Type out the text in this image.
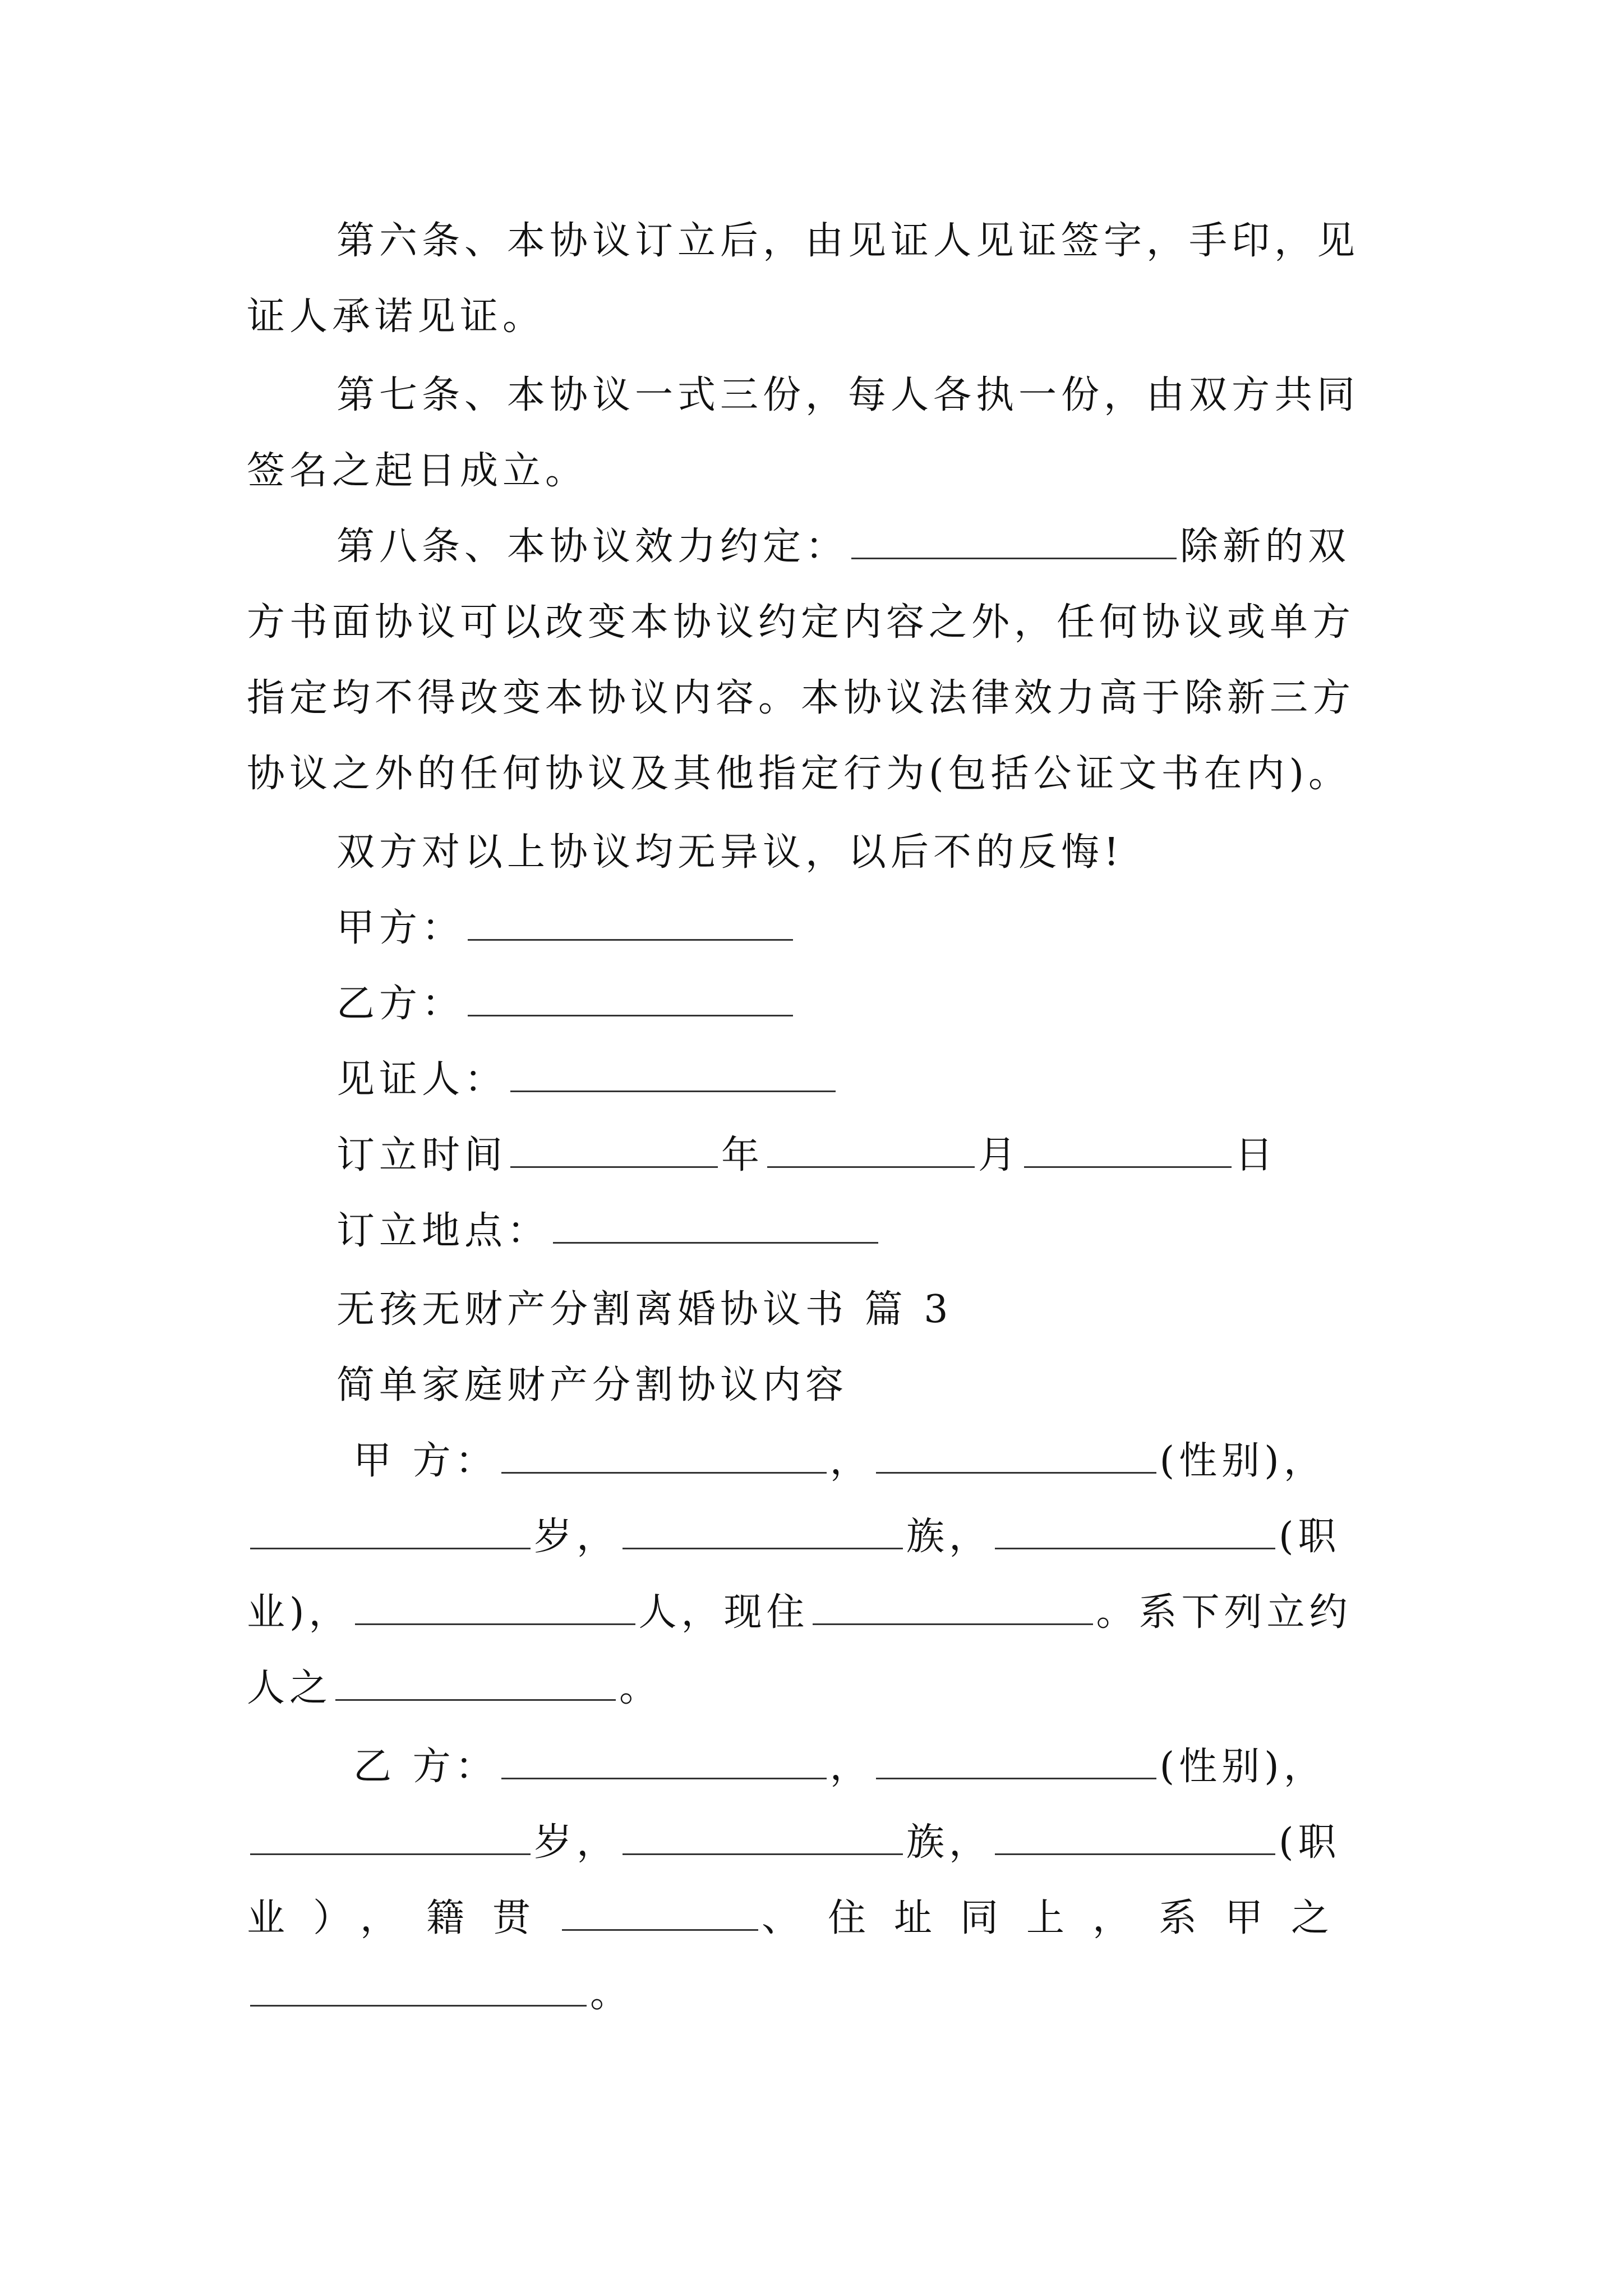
第六条、本协议订立后，由见证人见证签字，手印，见
证人承诺见证。
第七条、本协议一式三份，每人各执一份，由双方共同
签名之起日成立。
第八条、本协议效力约定：	除新的双
方书面协议可以改变本协议约定内容之外，任何协议或单方
指定均不得改变本协议内容。本协议法律效力高于除新三方
协议之外的任何协议及其他指定行为(包括公证文书在内)。
双方对以上协议均无异议，以后不的反悔!
甲方：
乙方：
见证人：
订立时间	年	月	日
订立地点：
无孩无财产分割离婚协议书 篇 3
简单家庭财产分割协议内容
甲 方：	，	(性别)，
岁，	族，	(职
业)，	人，现住	。系下列立约
人之	。
乙 方：	，	(性别)，
岁，	族，	(职
业），籍贯	、住址同上，系甲之
。
